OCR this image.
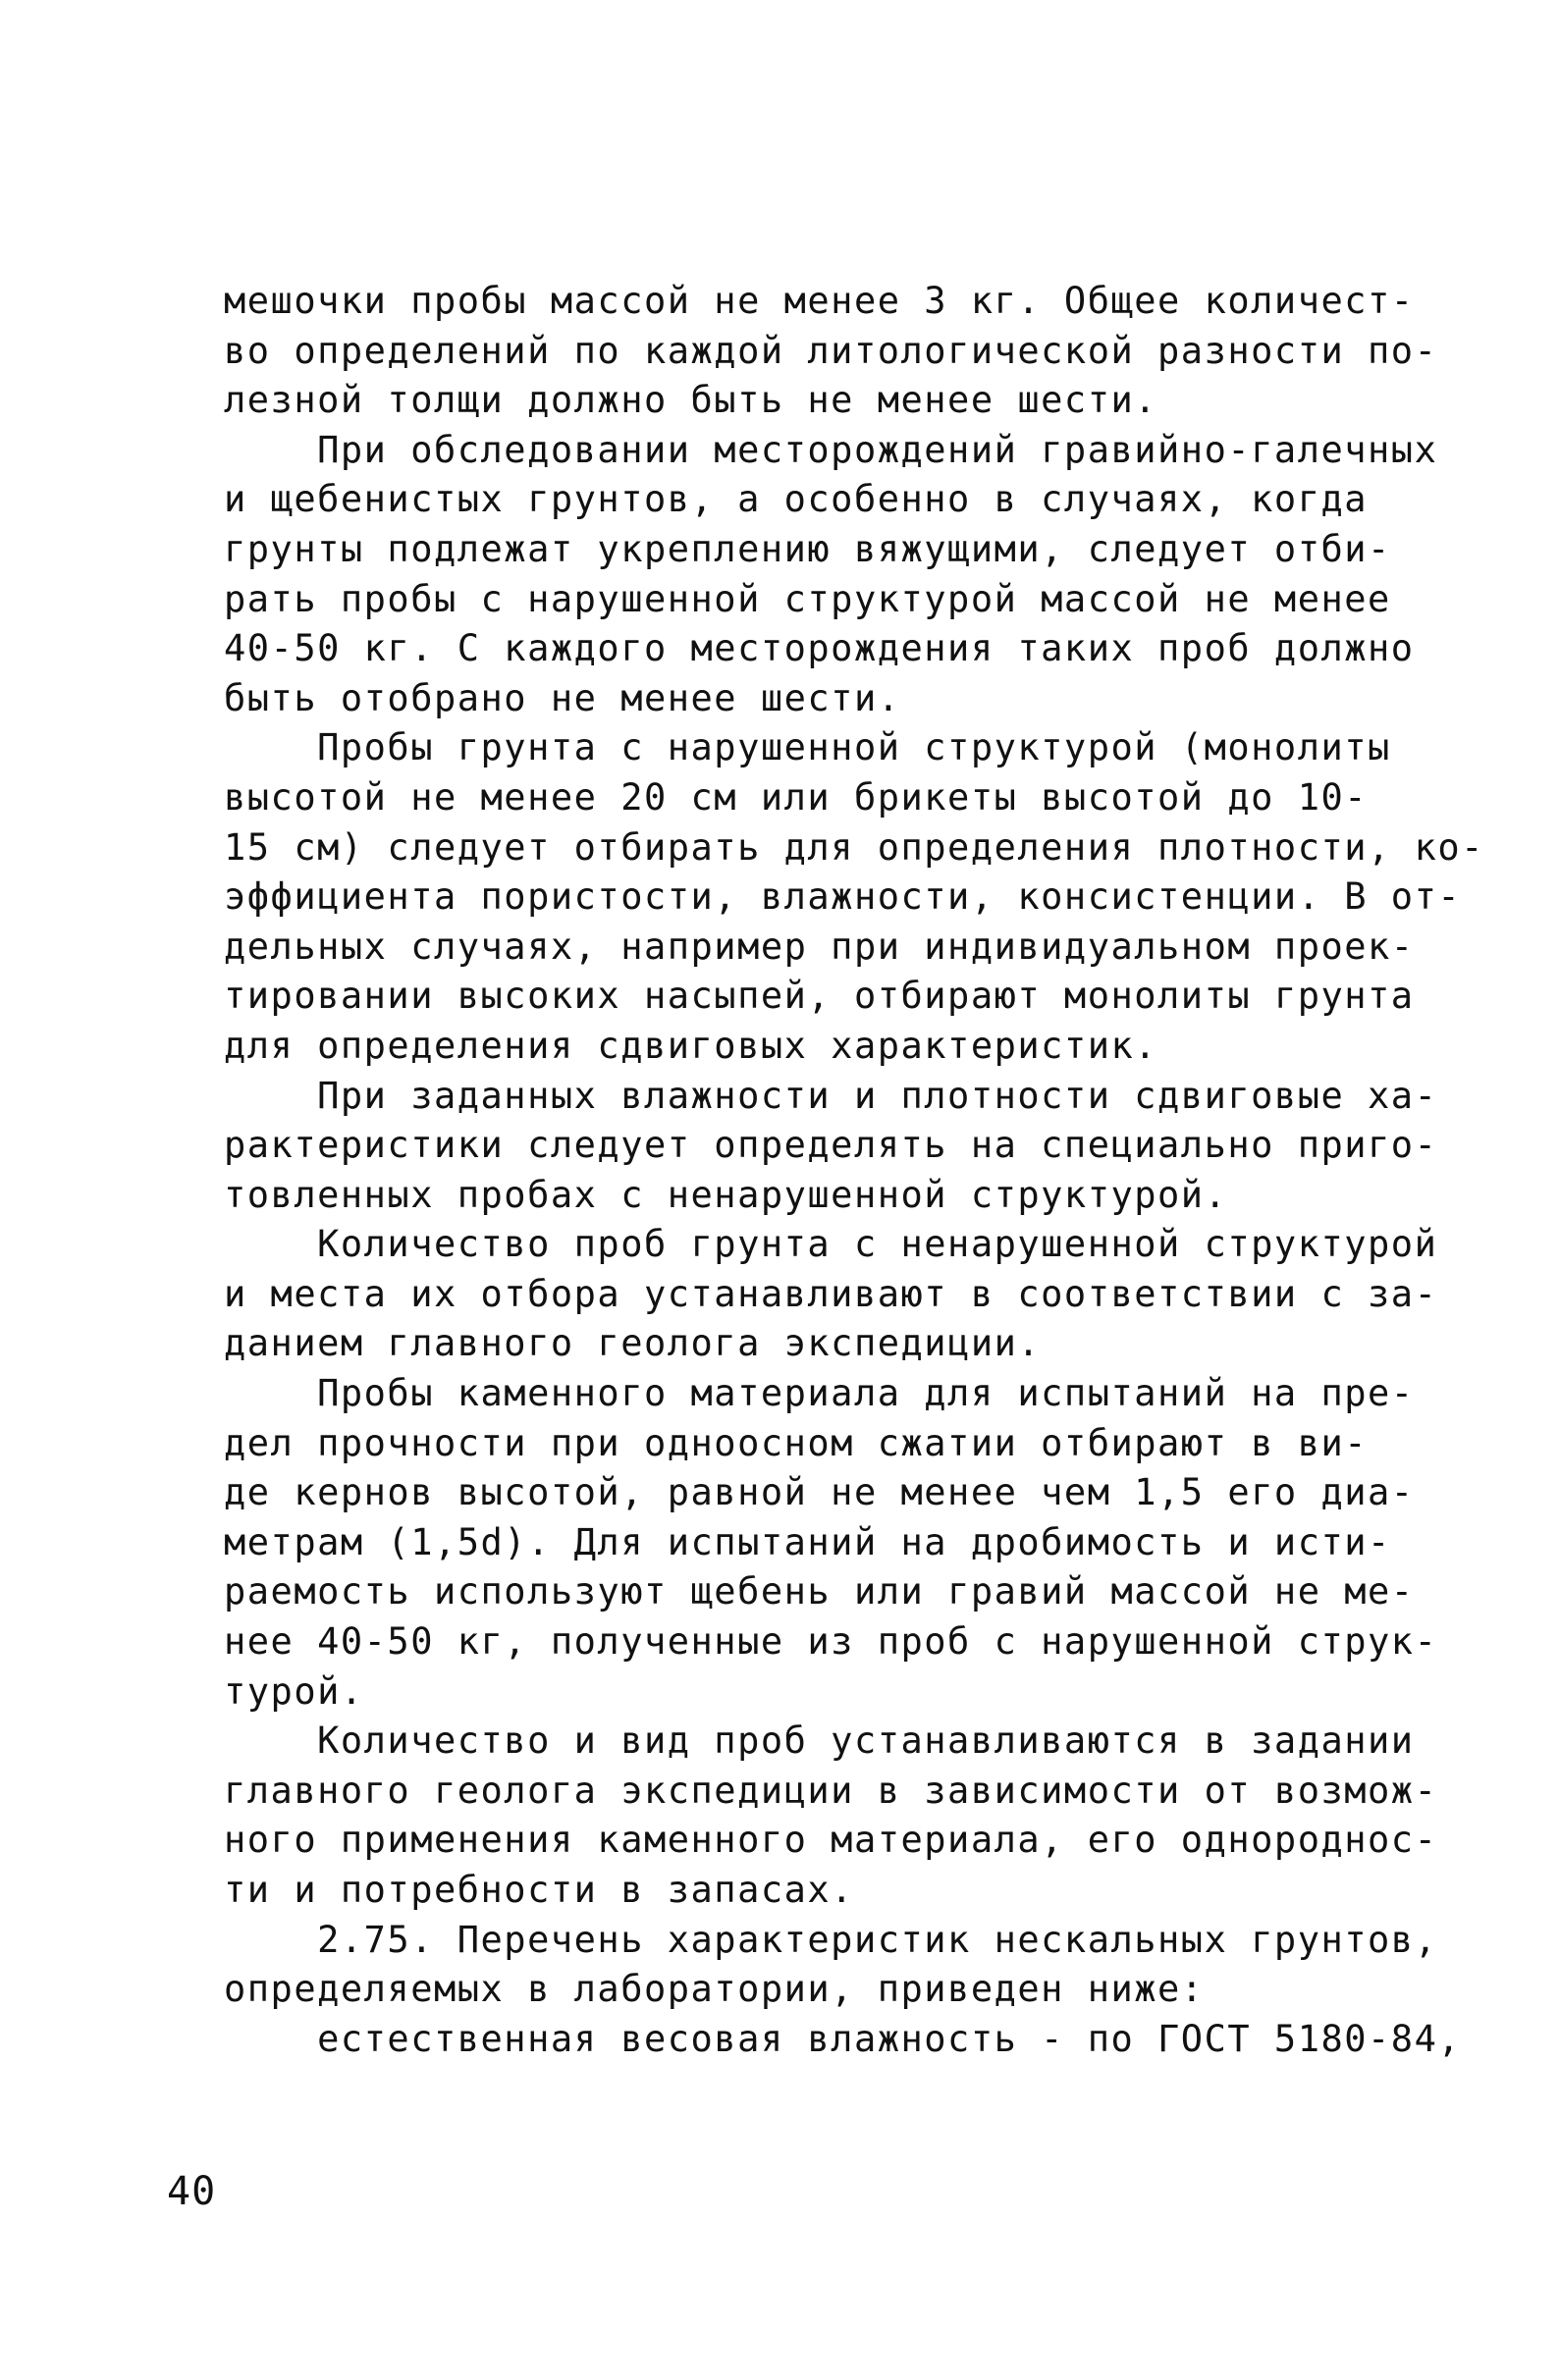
мешочки пробы массой не менее 3 кг. Общее количест-
во определений по каждой литологической разности по-
лезной толщи должно быть не менее шести.
При обследовании месторождений гравийно-галечных
и щебенистых грунтов, а особенно в случаях, когда
грунты подлежат укреплению вяжущими, следует отби-
рать пробы с нарушенной структурой массой не менее
40-50 кг. С каждого месторождения таких проб должно
быть отобрано не менее шести.
Пробы грунта с нарушенной структурой (монолиты
высотой не менее 20 см или брикеты высотой до 10-
15 см) следует отбирать для определения плотности, ко-
эффициента пористости, влажности, консистенции. В от-
дельных случаях, например при индивидуальном проек-
тировании высоких насыпей, отбирают монолиты грунта
для определения сдвиговых характеристик.
При заданных влажности и плотности сдвиговые ха-
рактеристики следует определять на специально приго-
товленных пробах с ненарушенной структурой.
Количество проб грунта с ненарушенной структурой
и места их отбора устанавливают в соответствии с за-
данием главного геолога экспедиции.
Пробы каменного материала для испытаний на пре-
дел прочности при одноосном сжатии отбирают в ви-
де кернов высотой, равной не менее чем 1,5 его диа-
метрам (1,5d). Для испытаний на дробимость и исти-
раемость используют щебень или гравий массой не ме-
нее 40-50 кг, полученные из проб с нарушенной струк-
турой.
Количество и вид проб устанавливаются в задании
главного геолога экспедиции в зависимости от возмож-
ного применения каменного материала, его однороднос-
ти и потребности в запасах.
2.75. Перечень характеристик нескальных грунтов,
определяемых в лаборатории, приведен ниже:
естественная весовая влажность - по ГОСТ 5180-84,
40
